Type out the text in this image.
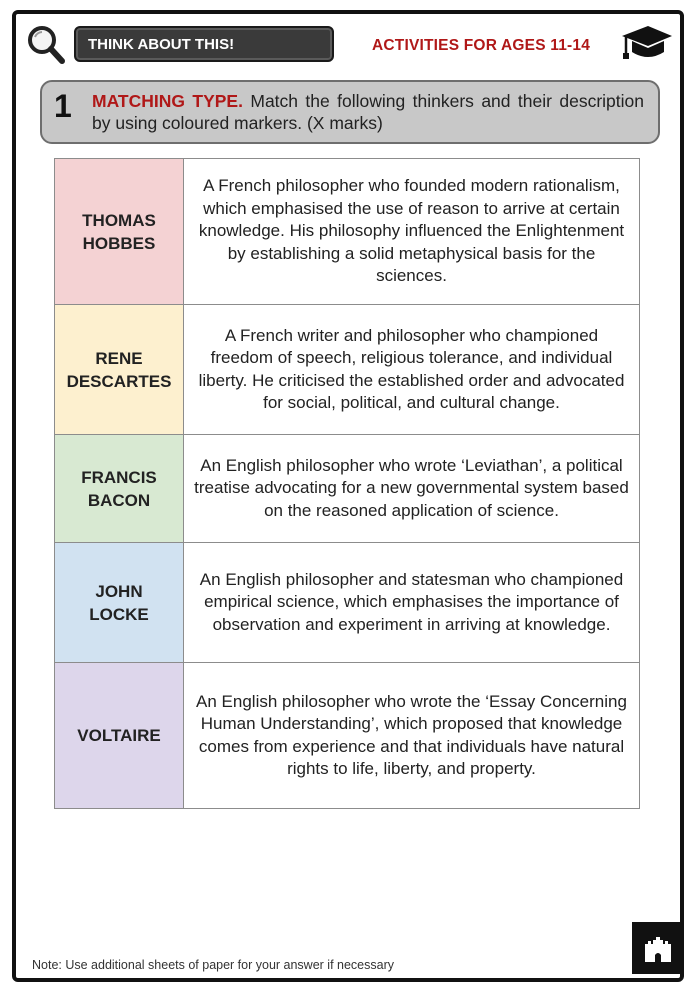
THINK ABOUT THIS!	ACTIVITIES FOR AGES 11-14
1 MATCHING TYPE. Match the following thinkers and their description by using coloured markers. (X marks)
THOMAS
HOBBES	A French philosopher who founded modern rationalism, which emphasised the use of reason to arrive at certain knowledge. His philosophy influenced the Enlightenment by establishing a solid metaphysical basis for the sciences.

RENE
DESCARTES	A French writer and philosopher who championed freedom of speech, religious tolerance, and individual liberty. He criticised the established order and advocated for social, political, and cultural change.

FRANCIS
BACON	An English philosopher who wrote ‘Leviathan’, a political treatise advocating for a new governmental system based on the reasoned application of science.

JOHN
LOCKE	An English philosopher and statesman who championed empirical science, which emphasises the importance of observation and experiment in arriving at knowledge.

VOLTAIRE	An English philosopher who wrote the ‘Essay Concerning Human Understanding’, which proposed that knowledge comes from experience and that individuals have natural rights to life, liberty, and property.
Note: Use additional sheets of paper for your answer if necessary
